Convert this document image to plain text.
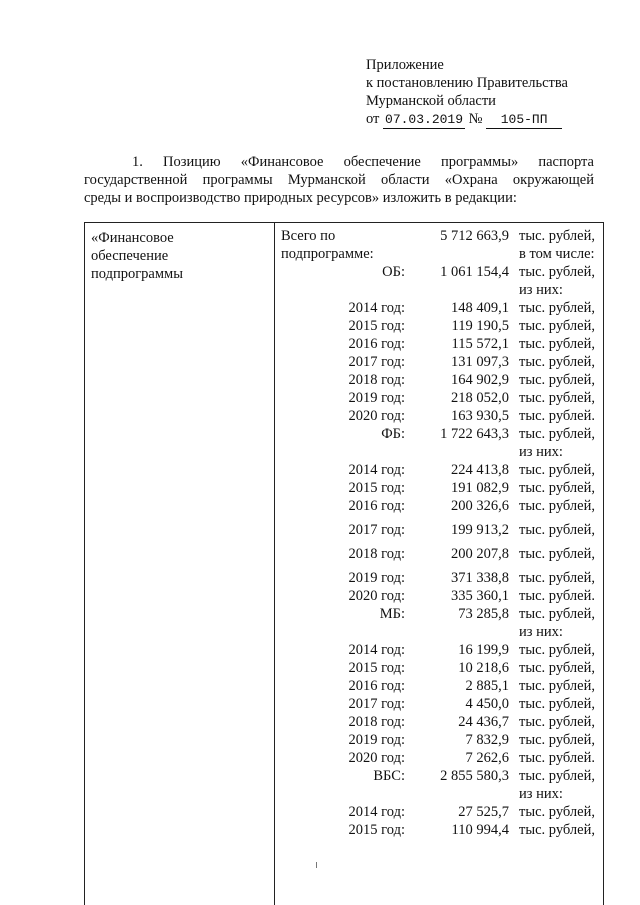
Приложение
к постановлению Правительства
Мурманской области
от 07.03.2019 № 105-ПП

1. Позицию «Финансовое обеспечение программы» паспорта

государственной программы Мурманской области «Охрана окружающей

среды и воспроизводство природных ресурсов» изложить в редакции:

«Финансовое
обеспечение
подпрограммы
Всего по	5 712 663,9 тыс. рублей,
подпрограмме:	в том числе:
ОБ: 1 061 154,4 тыс. рублей,
из них:
2014 год:	148 409,1 тыс. рублей,
2015 год:	119 190,5 тыс. рублей,
2016 год:	115 572,1 тыс. рублей,
2017 год:	131 097,3 тыс. рублей,
2018 год:	164 902,9 тыс. рублей,
2019 год:	218 052,0 тыс. рублей,
2020 год:	163 930,5 тыс. рублей.
ФБ: 1 722 643,3 тыс. рублей,
из них:
2014 год:	224 413,8 тыс. рублей,
2015 год:	191 082,9 тыс. рублей,
2016 год:	200 326,6 тыс. рублей,
2017 год:	199 913,2 тыс. рублей,
2018 год:	200 207,8 тыс. рублей,
2019 год:	371 338,8 тыс. рублей,
2020 год:	335 360,1 тыс. рублей.
МБ:	73 285,8 тыс. рублей,
из них:
2014 год:	16 199,9 тыс. рублей,
2015 год:	10 218,6 тыс. рублей,
2016 год:	2 885,1 тыс. рублей,
2017 год:	4 450,0 тыс. рублей,
2018 год:	24 436,7 тыс. рублей,
2019 год:	7 832,9 тыс. рублей,
2020 год:	7 262,6 тыс. рублей.
ВБС: 2 855 580,3 тыс. рублей,
из них:
2014 год:	27 525,7 тыс. рублей,
2015 год:	110 994,4 тыс. рублей,
